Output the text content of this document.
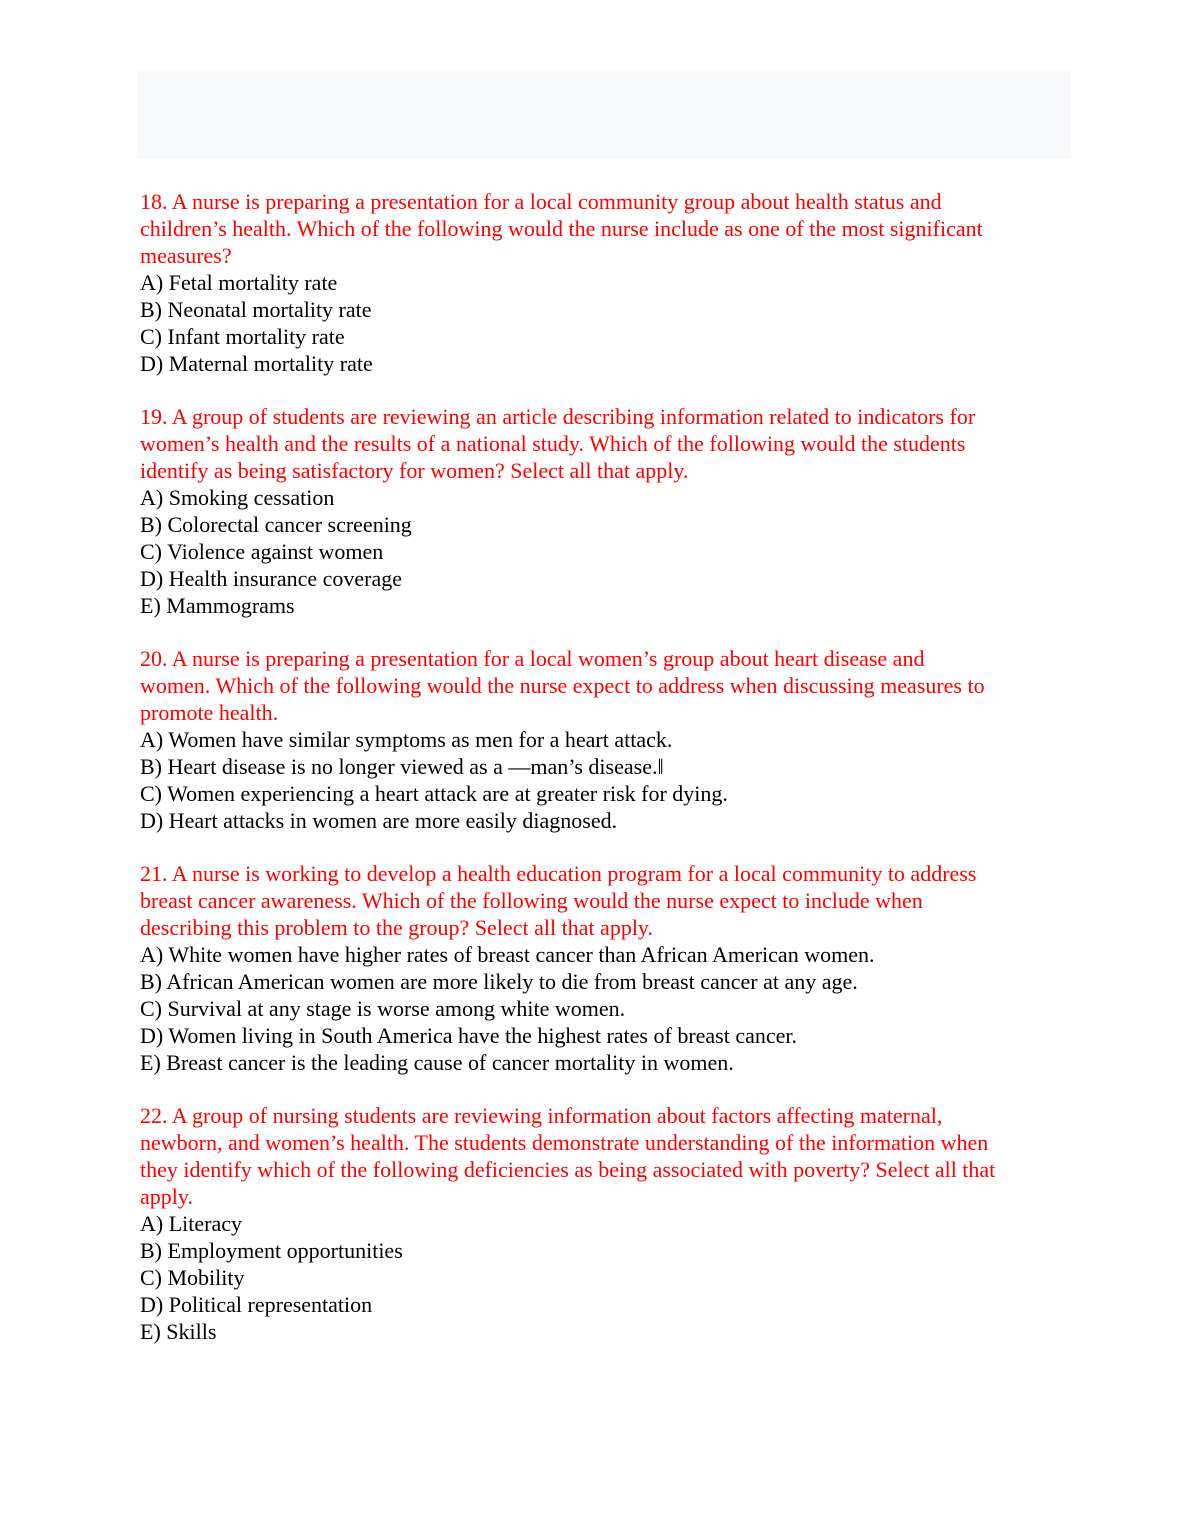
18. A nurse is preparing a presentation for a local community group about health status and
children’s health. Which of the following would the nurse include as one of the most significant
measures?

A) Fetal mortality rate
B) Neonatal mortality rate
C) Infant mortality rate
D) Maternal mortality rate

19. A group of students are reviewing an article describing information related to indicators for
women’s health and the results of a national study. Which of the following would the students
identify as being satisfactory for women? Select all that apply.

A) Smoking cessation
B) Colorectal cancer screening
C) Violence against women
D) Health insurance coverage
E) Mammograms

20. A nurse is preparing a presentation for a local women’s group about heart disease and
women. Which of the following would the nurse expect to address when discussing measures to
promote health.

A) Women have similar symptoms as men for a heart attack.
B) Heart disease is no longer viewed as a ―man’s disease.‖
C) Women experiencing a heart attack are at greater risk for dying.
D) Heart attacks in women are more easily diagnosed.

21. A nurse is working to develop a health education program for a local community to address
breast cancer awareness. Which of the following would the nurse expect to include when
describing this problem to the group? Select all that apply.

A) White women have higher rates of breast cancer than African American women.
B) African American women are more likely to die from breast cancer at any age.
C) Survival at any stage is worse among white women.
D) Women living in South America have the highest rates of breast cancer.
E) Breast cancer is the leading cause of cancer mortality in women.

22. A group of nursing students are reviewing information about factors affecting maternal,
newborn, and women’s health. The students demonstrate understanding of the information when
they identify which of the following deficiencies as being associated with poverty? Select all that
apply.

A) Literacy
B) Employment opportunities
C) Mobility
D) Political representation
E) Skills
